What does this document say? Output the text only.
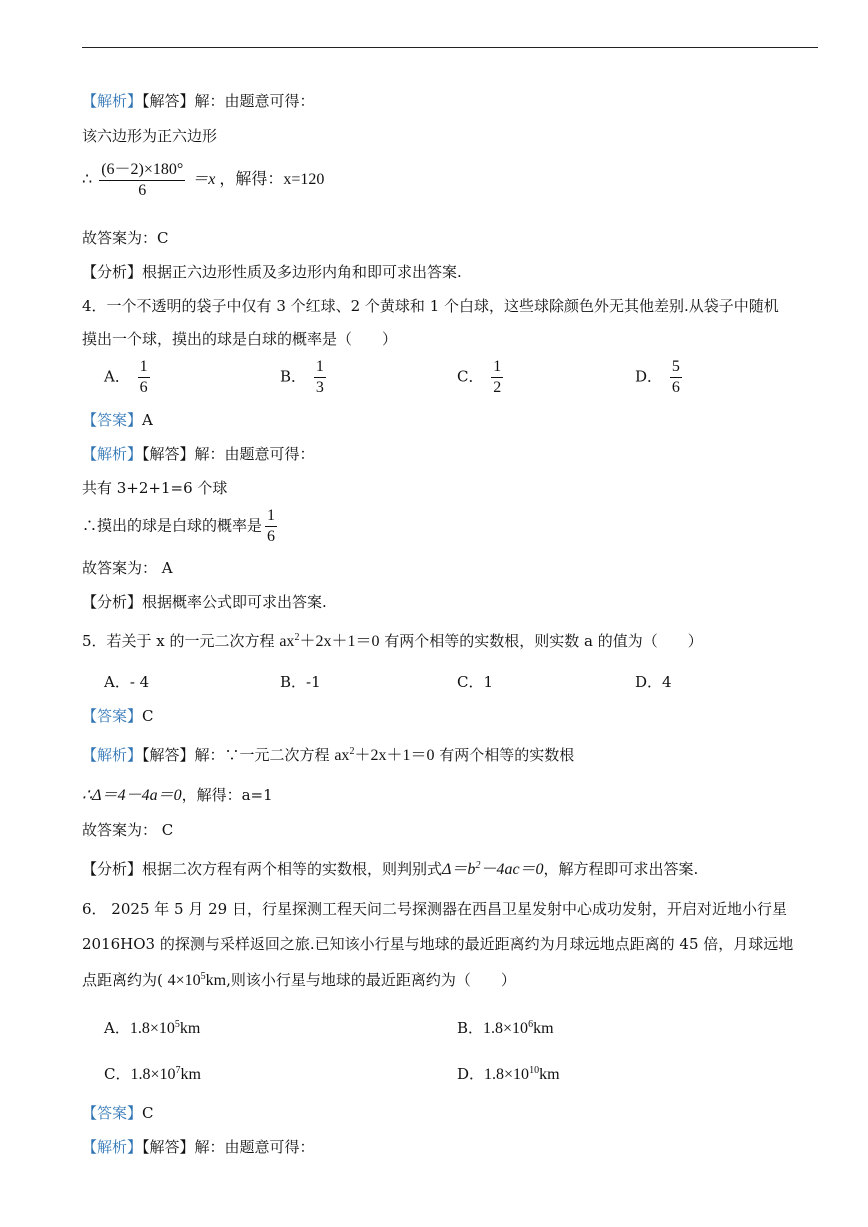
【解析】【解答】解：由题意可得：
该六边形为正六边形
∴ $\frac{(6-2)\times 180^\circ}{6} =x$ ，解得：x=120
故答案为：C
【分析】根据正六边形性质及多边形内角和即可求出答案.
4．一个不透明的袋子中仅有 3 个红球、2 个黄球和 1 个白球，这些球除颜色外无其他差别.从袋子中随机
摸出一个球，摸出的球是白球的概率是（　　）
A． $\frac{1}{6}$	B． $\frac{1}{3}$	C． $\frac{1}{2}$	D． $\frac{5}{6}$
【答案】A
【解析】【解答】解：由题意可得：
共有 3+2+1=6 个球
∴摸出的球是白球的概率是 $\frac{1}{6}$
故答案为： A
【分析】根据概率公式即可求出答案.
5．若关于 x 的一元二次方程 $ax^2+2x+1=0$ 有两个相等的实数根，则实数 a 的值为（　　）
A．- 4	B．-1	C．1	D．4
【答案】C
【解析】【解答】解：∵一元二次方程 $ax^2+2x+1=0$ 有两个相等的实数根
∴Δ＝4－4a＝0，解得：a=1
故答案为： C
【分析】根据二次方程有两个相等的实数根，则判别式$\Delta=b^2-4ac=0$，解方程即可求出答案.
6． 2025 年 5 月 29 日，行星探测工程天问二号探测器在西昌卫星发射中心成功发射，开启对近地小行星
2016HO3 的探测与采样返回之旅.已知该小行星与地球的最近距离约为月球远地点距离的 45 倍，月球远地
点距离约为( $4\times 10^5km$,则该小行星与地球的最近距离约为（　　）
A．$1.8\times 10^5km$	B．$1.8\times 10^6km$
C．$1.8\times 10^7km$	D．$1.8\times 10^{10}km$
【答案】C
【解析】【解答】解：由题意可得：
